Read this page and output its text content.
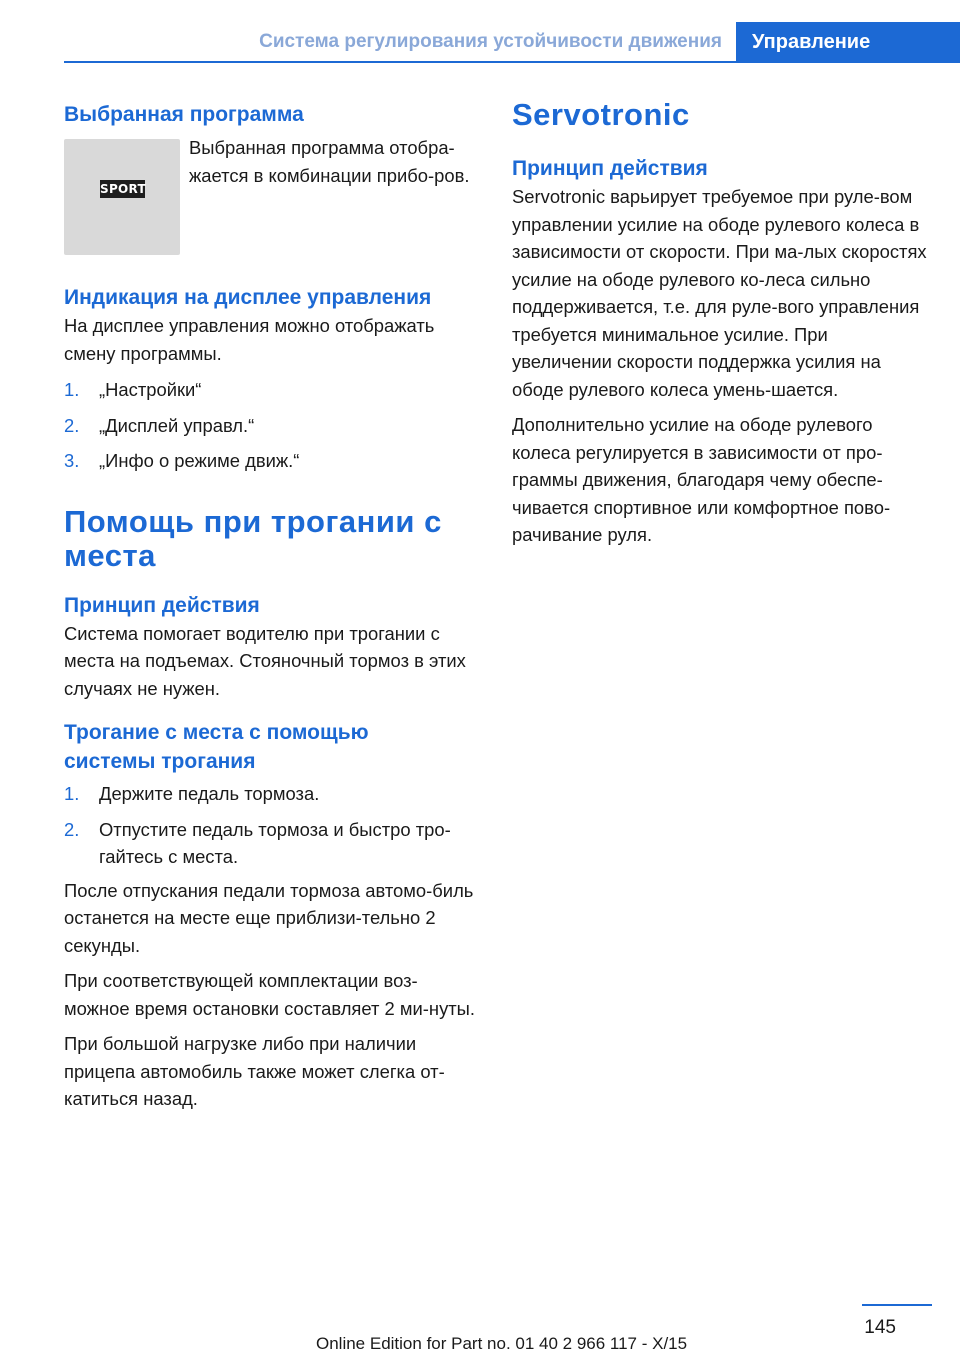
Система регулирования устойчивости движения	Управление
Выбранная программа
SPORT

Выбранная программа отобра-жается в комбинации прибо-ров.

Индикация на дисплее управления

На дисплее управления можно отображать смену программы.

1. „Настройки“
2. „Дисплей управл.“
3. „Инфо о режиме движ.“
Помощь при трогании с места
Принцип действия

Система помогает водителю при трогании с места на подъемах. Стояночный тормоз в этих случаях не нужен.

Трогание с места с помощью системы трогания
1. Держите педаль тормоза.
2. Отпустите педаль тормоза и быстро тро-гайтесь с места.

После отпускания педали тормоза автомо-биль останется на месте еще приблизи-тельно 2 секунды.

При соответствующей комплектации воз-можное время остановки составляет 2 ми-нуты.

При большой нагрузке либо при наличии прицепа автомобиль также может слегка от-катиться назад.

Servotronic
Принцип действия

Servotronic варьирует требуемое при руле-вом управлении усилие на ободе рулевого колеса в зависимости от скорости. При ма-лых скоростях усилие на ободе рулевого ко-леса сильно поддерживается, т.е. для руле-вого управления требуется минимальное усилие. При увеличении скорости поддержка усилия на ободе рулевого колеса умень-шается.

Дополнительно усилие на ободе рулевого колеса регулируется в зависимости от про-граммы движения, благодаря чему обеспе-чивается спортивное или комфортное пово-рачивание руля.

145
Online Edition for Part no. 01 40 2 966 117 - X/15
